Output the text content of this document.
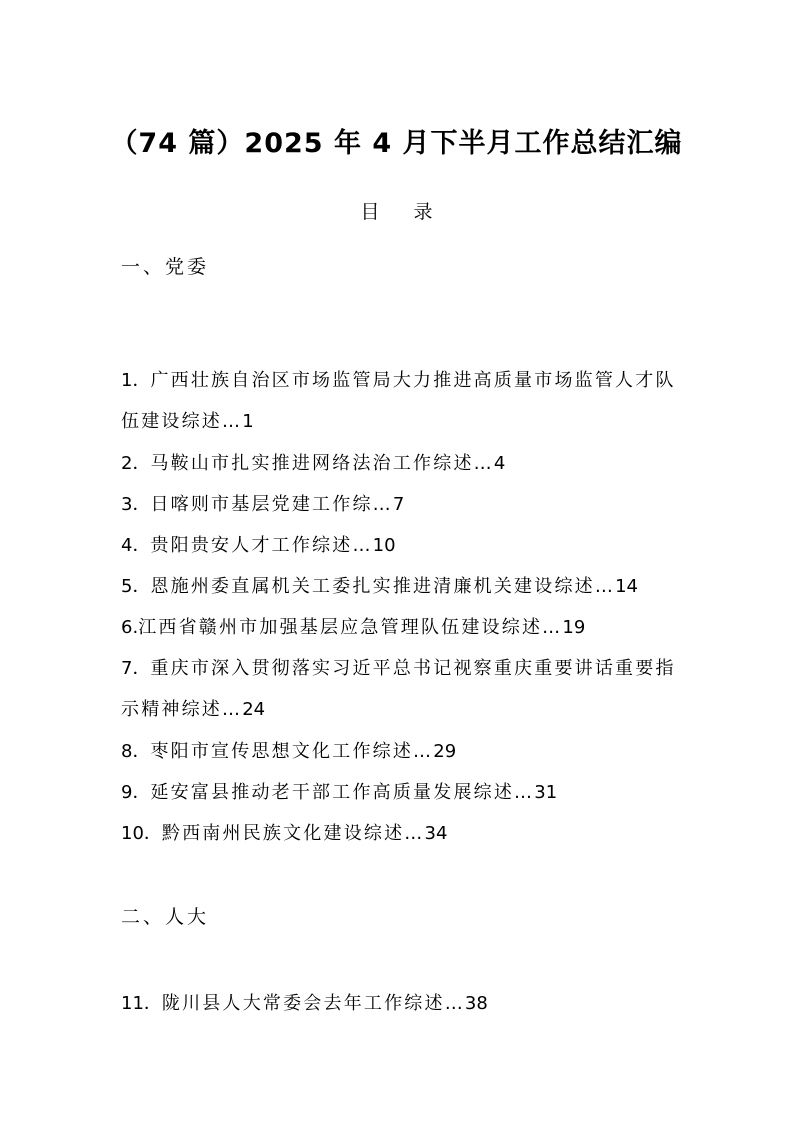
（74 篇）2025 年 4 月下半月工作总结汇编
目 录
一、党委
1．广西壮族自治区市场监管局大力推进高质量市场监管人才队伍建设综述…1
2．马鞍山市扎实推进网络法治工作综述…4
3．日喀则市基层党建工作综…7
4．贵阳贵安人才工作综述…10
5．恩施州委直属机关工委扎实推进清廉机关建设综述…14
6.江西省赣州市加强基层应急管理队伍建设综述…19
7．重庆市深入贯彻落实习近平总书记视察重庆重要讲话重要指示精神综述…24
8．枣阳市宣传思想文化工作综述…29
9．延安富县推动老干部工作高质量发展综述…31
10．黔西南州民族文化建设综述…34
二、人大
11．陇川县人大常委会去年工作综述…38
